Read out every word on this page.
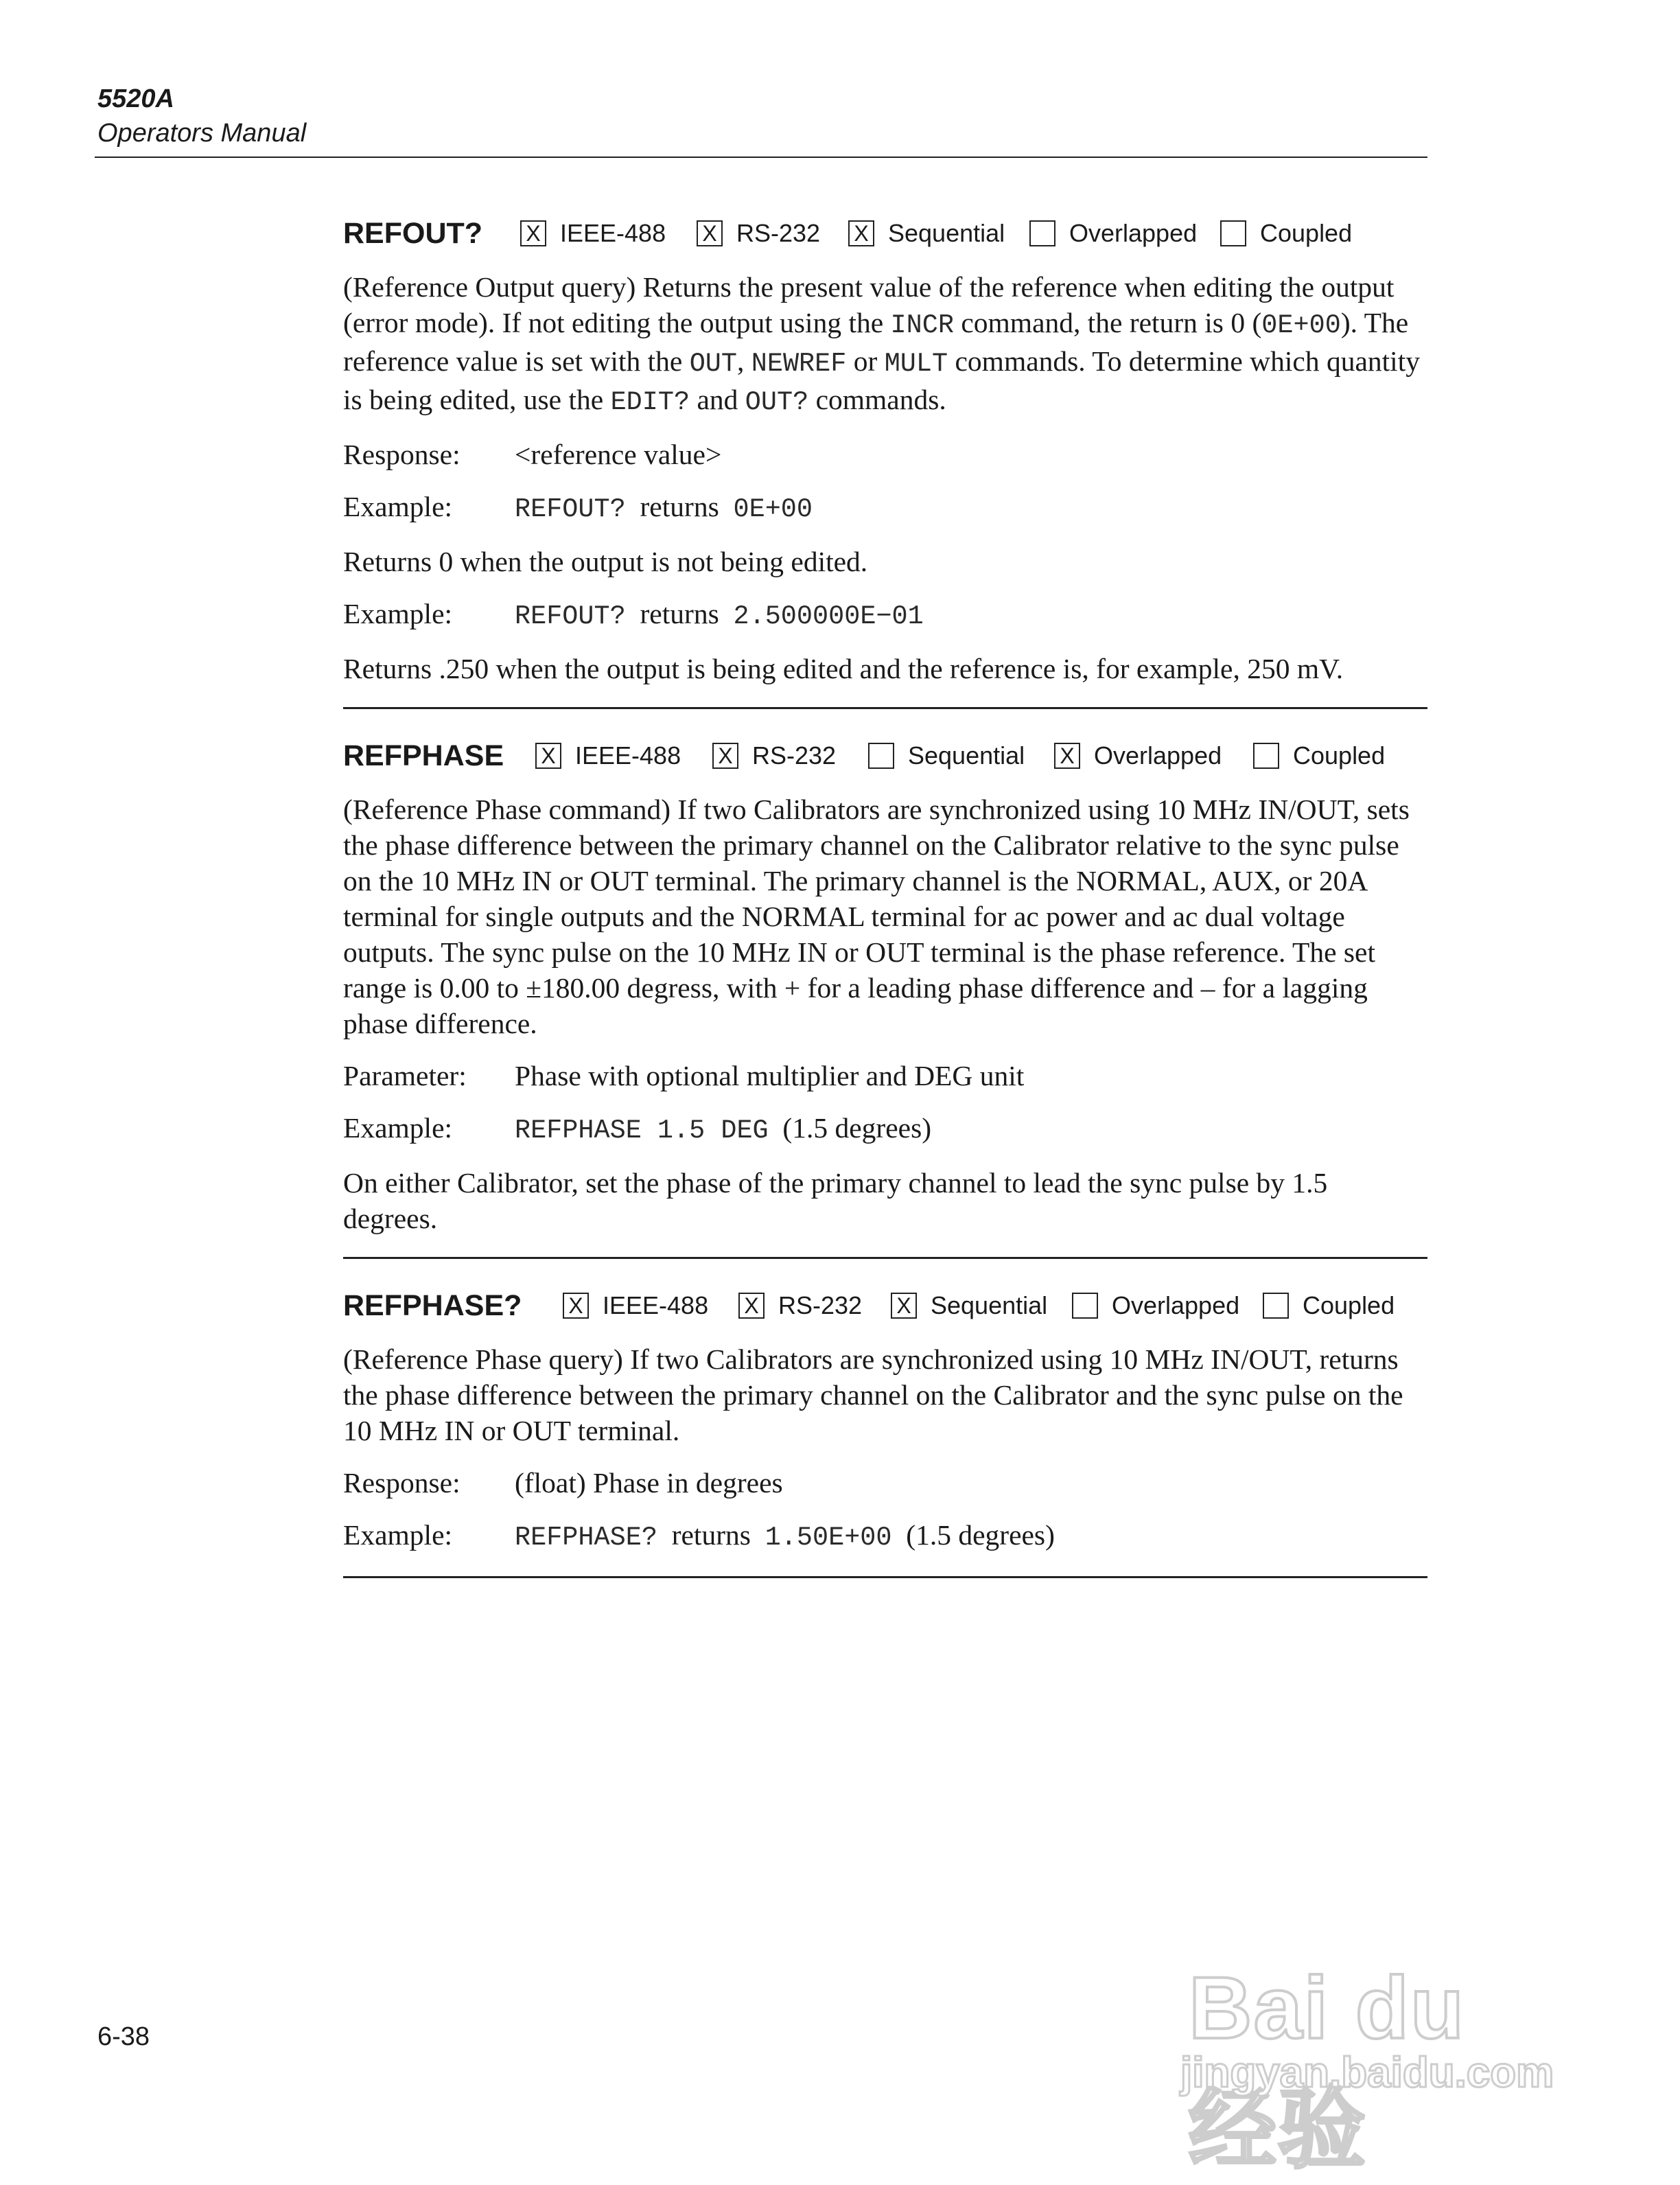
5520A
Operators Manual
REFOUT?	X IEEE-488 X RS-232 X Sequential	Overlapped	Coupled

(Reference Output query) Returns the present value of the reference when editing the output (error mode). If not editing the output using the INCR command, the return is 0 (0E+00). The reference value is set with the OUT, NEWREF or MULT commands. To determine which quantity is being edited, use the EDIT? and OUT? commands.

Response:	<reference value>
Example:	REFOUT? returns 0E+00

Returns 0 when the output is not being edited.

Example:	REFOUT? returns 2.500000E−01

Returns .250 when the output is being edited and the reference is, for example, 250 mV.

REFPHASE	X IEEE-488 X RS-232	Sequential X Overlapped	Coupled

(Reference Phase command) If two Calibrators are synchronized using 10 MHz IN/OUT, sets the phase difference between the primary channel on the Calibrator relative to the sync pulse on the 10 MHz IN or OUT terminal. The primary channel is the NORMAL, AUX, or 20A terminal for single outputs and the NORMAL terminal for ac power and ac dual voltage outputs. The sync pulse on the 10 MHz IN or OUT terminal is the phase reference. The set range is 0.00 to ±180.00 degress, with + for a leading phase difference and – for a lagging phase difference.

Parameter:	Phase with optional multiplier and DEG unit
Example:	REFPHASE 1.5 DEG (1.5 degrees)

On either Calibrator, set the phase of the primary channel to lead the sync pulse by 1.5 degrees.

REFPHASE?	X IEEE-488 X RS-232 X Sequential	Overlapped	Coupled

(Reference Phase query) If two Calibrators are synchronized using 10 MHz IN/OUT, returns the phase difference between the primary channel on the Calibrator and the sync pulse on the 10 MHz IN or OUT terminal.

Response:	(float) Phase in degrees
Example:	REFPHASE? returns 1.50E+00 (1.5 degrees)
6-38	Bai du 经验
jingyan.baidu.com
